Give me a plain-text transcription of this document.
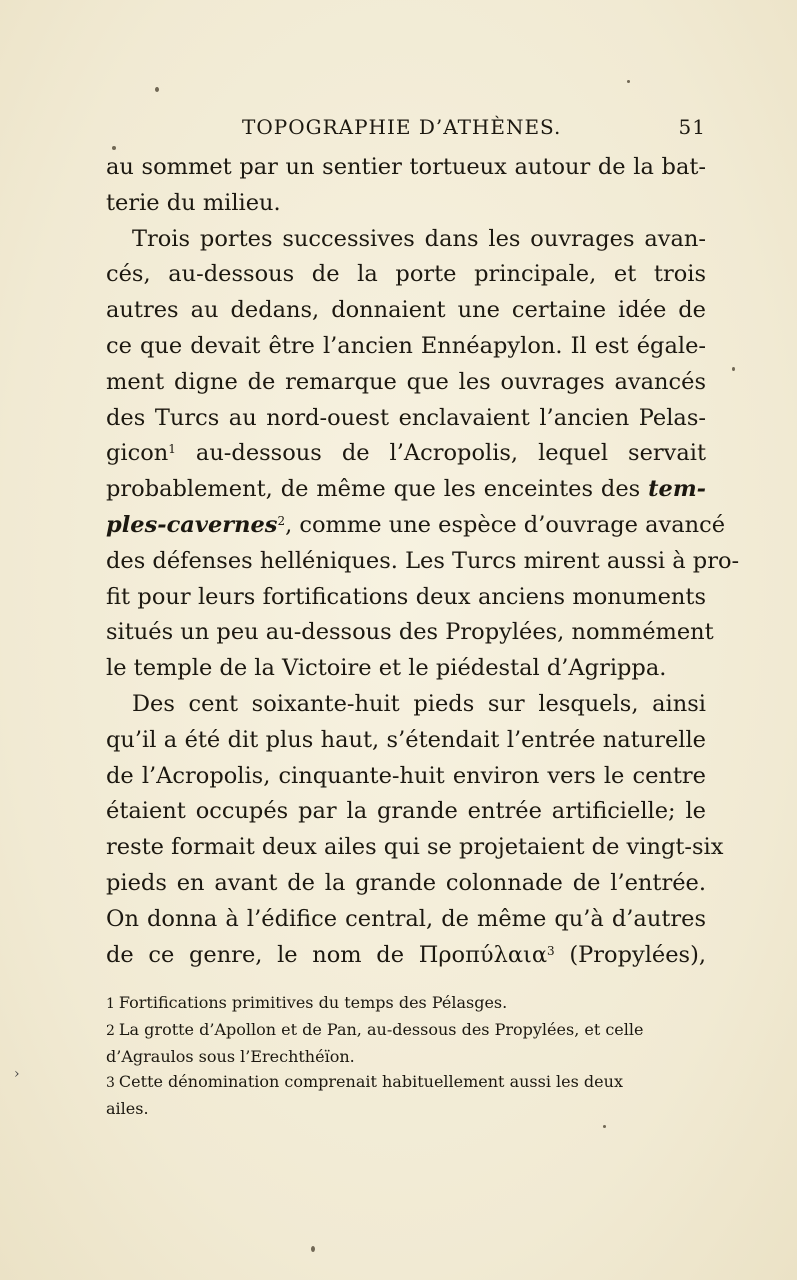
TOPOGRAPHIE D’ATHÈNES.	51
au sommet par un sentier tortueux autour de la bat-
terie du milieu.
Trois portes successives dans les ouvrages avan-
cés, au-dessous de la porte principale, et trois
autres au dedans, donnaient une certaine idée de
ce que devait être l’ancien Ennéapylon. Il est égale-
ment digne de remarque que les ouvrages avancés
des Turcs au nord-ouest enclavaient l’ancien Pelas-
gicon$^1$ au-dessous de l’Acropolis, lequel servait
probablement, de même que les enceintes des tem-
ples-cavernes$^2$, comme une espèce d’ouvrage avancé
des défenses helléniques. Les Turcs mirent aussi à pro-
fit pour leurs fortifications deux anciens monuments
situés un peu au-dessous des Propylées, nommément
le temple de la Victoire et le piédestal d’Agrippa.
Des cent soixante-huit pieds sur lesquels, ainsi
qu’il a été dit plus haut, s’étendait l’entrée naturelle
de l’Acropolis, cinquante-huit environ vers le centre
étaient occupés par la grande entrée artificielle; le
reste formait deux ailes qui se projetaient de vingt-six
pieds en avant de la grande colonnade de l’entrée.
On donna à l’édifice central, de même qu’à d’autres
de ce genre, le nom de Προπύλαια$^3$ (Propylées),
1 Fortifications primitives du temps des Pélasges.
2 La grotte d’Apollon et de Pan, au-dessous des Propylées, et celle
d’Agraulos sous l’Erechthéïon.
3 Cette dénomination comprenait habituellement aussi les deux
ailes.
›
